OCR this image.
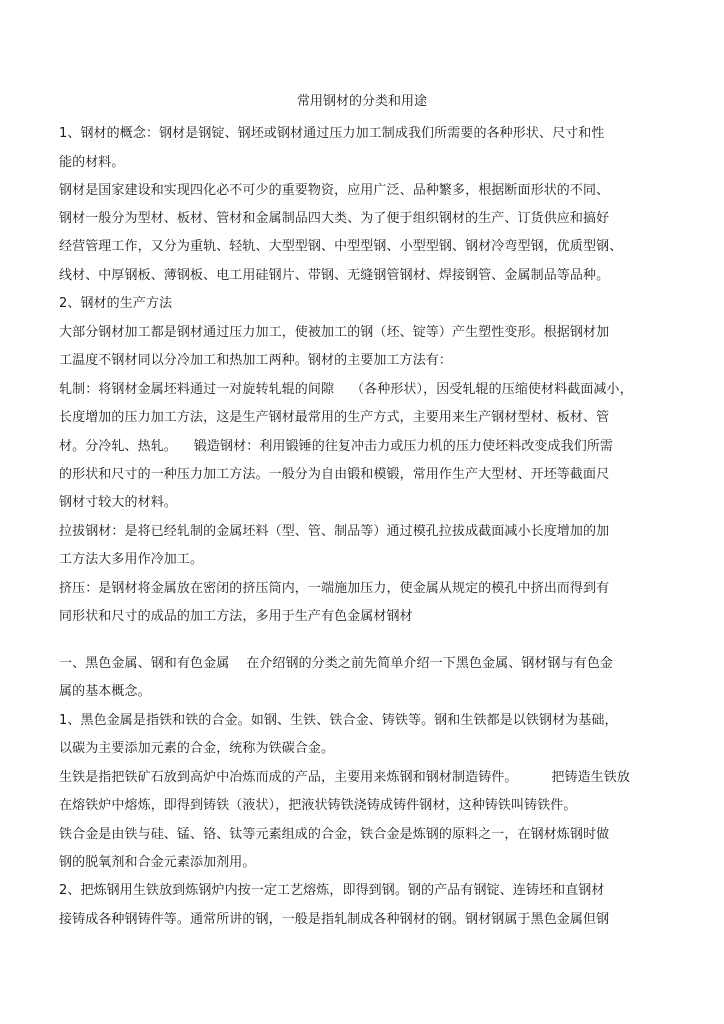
常用钢材的分类和用途
1、钢材的概念：钢材是钢锭、钢坯或钢材通过压力加工制成我们所需要的各种形状、尺寸和性
能的材料。
钢材是国家建设和实现四化必不可少的重要物资，应用广泛、品种繁多，根据断面形状的不同、
钢材一般分为型材、板材、管材和金属制品四大类、为了便于组织钢材的生产、订货供应和搞好
经营管理工作，又分为重轨、轻轨、大型型钢、中型型钢、小型型钢、钢材冷弯型钢，优质型钢、
线材、中厚钢板、薄钢板、电工用硅钢片、带钢、无缝钢管钢材、焊接钢管、金属制品等品种。
2、钢材的生产方法
大部分钢材加工都是钢材通过压力加工，使被加工的钢（坯、锭等）产生塑性变形。根据钢材加
工温度不钢材同以分冷加工和热加工两种。钢材的主要加工方法有：
轧制：将钢材金属坯料通过一对旋转轧辊的间隙    （各种形状），因受轧辊的压缩使材料截面减小，
长度增加的压力加工方法，这是生产钢材最常用的生产方式，主要用来生产钢材型材、板材、管
材。分冷轧、热轧。    锻造钢材：利用锻锤的往复冲击力或压力机的压力使坯料改变成我们所需
的形状和尺寸的一种压力加工方法。一般分为自由锻和模锻，常用作生产大型材、开坯等截面尺
钢材寸较大的材料。
拉拔钢材：是将已经轧制的金属坯料（型、管、制品等）通过模孔拉拔成截面减小长度增加的加
工方法大多用作冷加工。
挤压：是钢材将金属放在密闭的挤压筒内，一端施加压力，使金属从规定的模孔中挤出而得到有
同形状和尺寸的成品的加工方法，多用于生产有色金属材钢材
一、黑色金属、钢和有色金属    在介绍钢的分类之前先简单介绍一下黑色金属、钢材钢与有色金
属的基本概念。
1、黑色金属是指铁和铁的合金。如钢、生铁、铁合金、铸铁等。钢和生铁都是以铁钢材为基础，
以碳为主要添加元素的合金，统称为铁碳合金。
生铁是指把铁矿石放到高炉中冶炼而成的产品，主要用来炼钢和钢材制造铸件。        把铸造生铁放
在熔铁炉中熔炼，即得到铸铁（液状），把液状铸铁浇铸成铸件钢材，这种铸铁叫铸铁件。
铁合金是由铁与硅、锰、铬、钛等元素组成的合金，铁合金是炼钢的原料之一，在钢材炼钢时做
钢的脱氧剂和合金元素添加剂用。
2、把炼钢用生铁放到炼钢炉内按一定工艺熔炼，即得到钢。钢的产品有钢锭、连铸坯和直钢材
接铸成各种钢铸件等。通常所讲的钢，一般是指轧制成各种钢材的钢。钢材钢属于黑色金属但钢
